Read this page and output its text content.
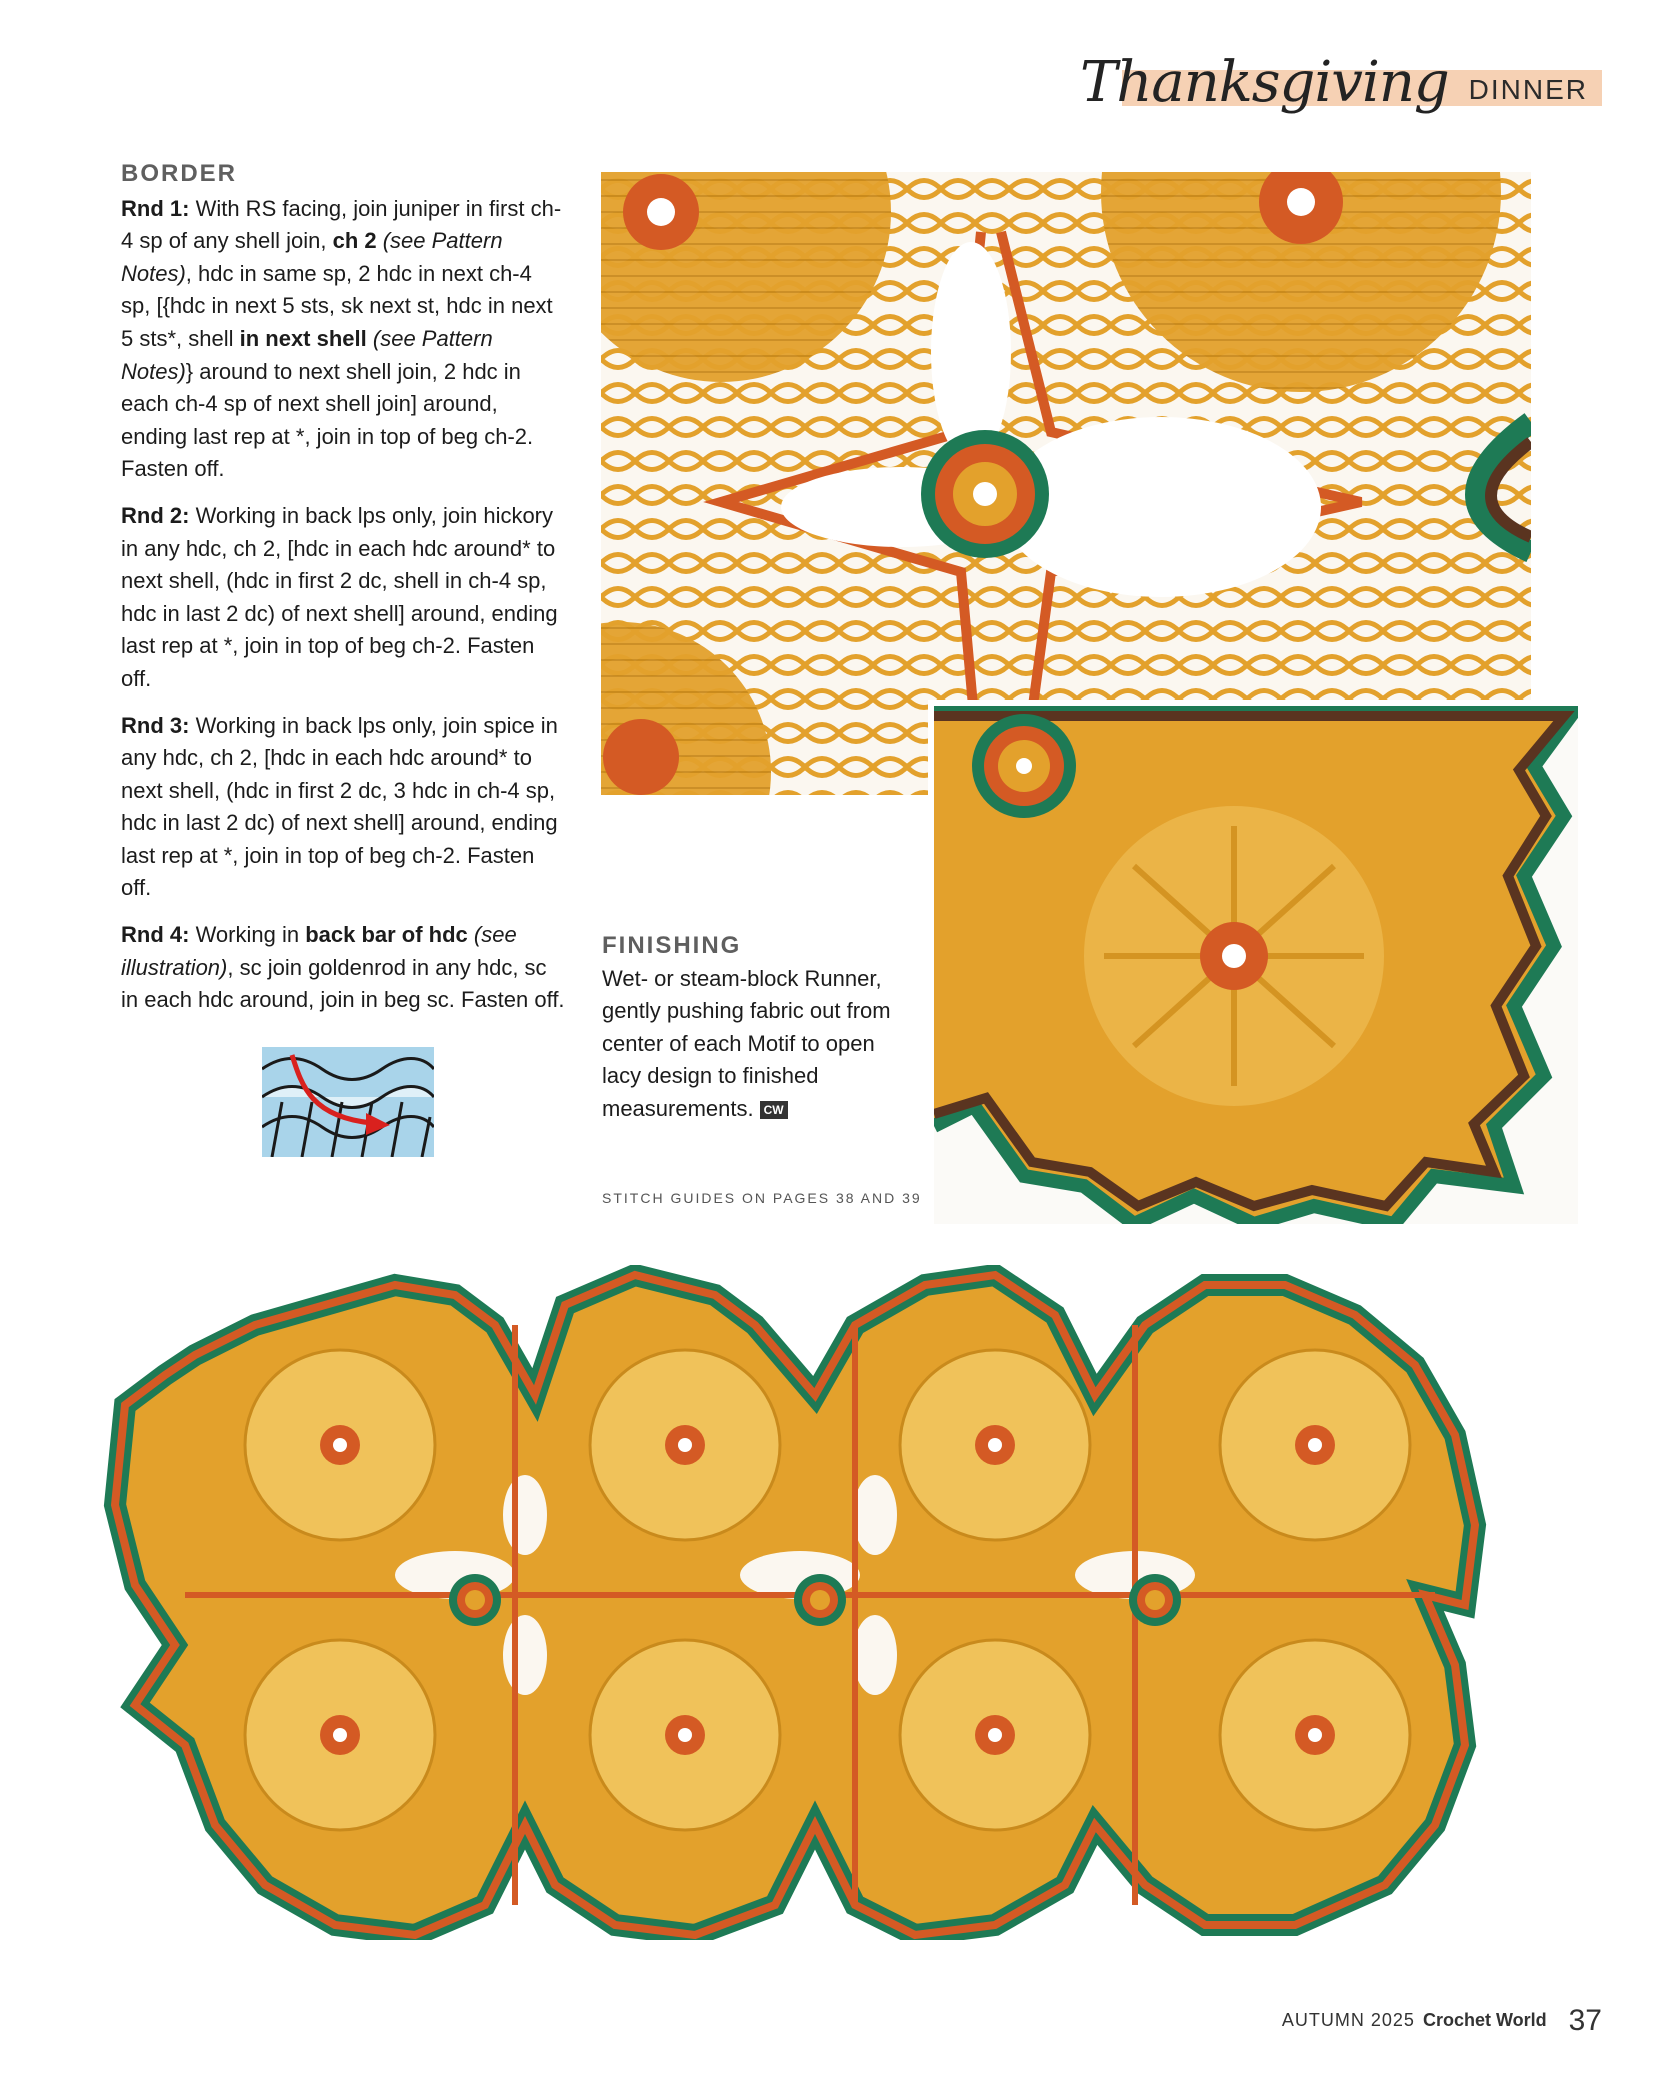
Thanksgiving DINNER
BORDER

Rnd 1: With RS facing, join juniper in first ch-4 sp of any shell join, ch 2 (see Pattern Notes), hdc in same sp, 2 hdc in next ch-4 sp, [{hdc in next 5 sts, sk next st, hdc in next 5 sts*, shell in next shell (see Pattern Notes)} around to next shell join, 2 hdc in each ch-4 sp of next shell join] around, ending last rep at *, join in top of beg ch-2. Fasten off.

Rnd 2: Working in back lps only, join hickory in any hdc, ch 2, [hdc in each hdc around* to next shell, (hdc in first 2 dc, shell in ch-4 sp, hdc in last 2 dc) of next shell] around, ending last rep at *, join in top of beg ch-2. Fasten off.

Rnd 3: Working in back lps only, join spice in any hdc, ch 2, [hdc in each hdc around* to next shell, (hdc in first 2 dc, 3 hdc in ch-4 sp, hdc in last 2 dc) of next shell] around, ending last rep at *, join in top of beg ch-2. Fasten off.

Rnd 4: Working in back bar of hdc (see illustration), sc join goldenrod in any hdc, sc in each hdc around, join in beg sc. Fasten off.

FINISHING
Wet- or steam-block Runner, gently pushing fabric out from center of each Motif to open lacy design to finished measurements. CW
STITCH GUIDES ON PAGES 38 AND 39
AUTUMN 2025 Crochet World 37
